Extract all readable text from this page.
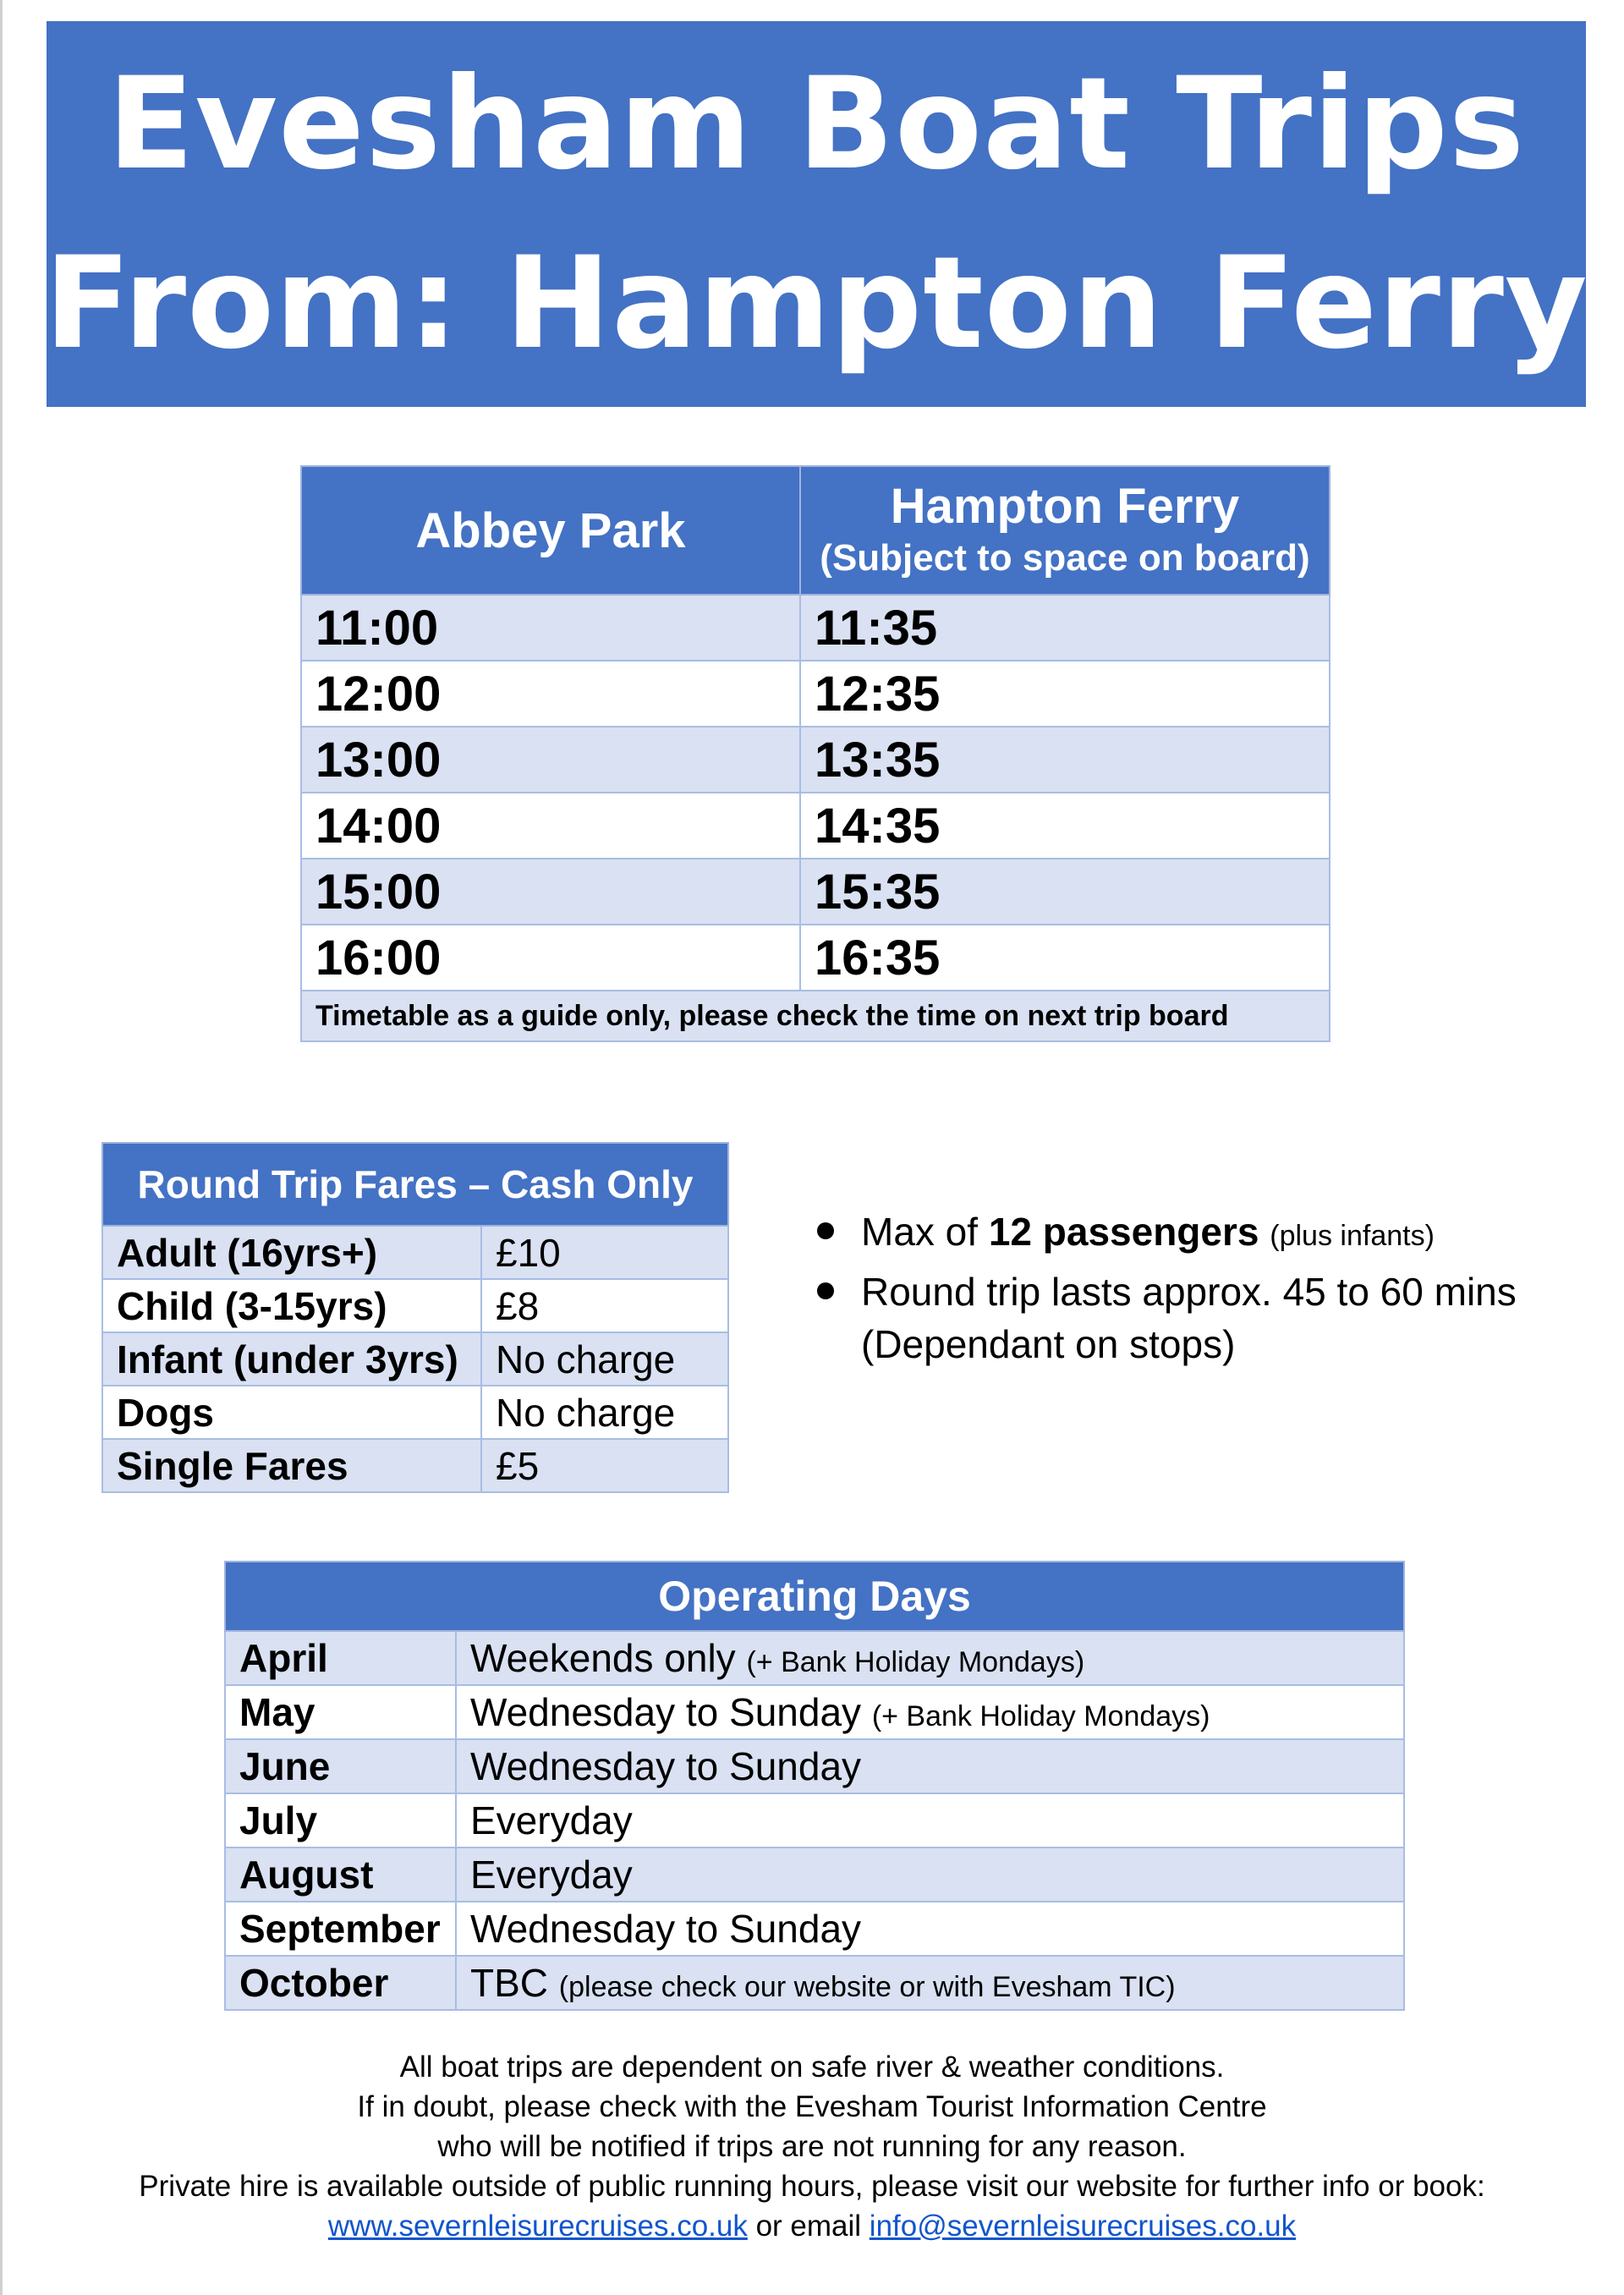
Evesham Boat Trips
From: Hampton Ferry
Abbey Park	Hampton Ferry
(Subject to space on board)

11:00	11:35
12:00	12:35
13:00	13:35
14:00	14:35
15:00	15:35
16:00	16:35
Timetable as a guide only, please check the time on next trip board	
Round Trip Fares – Cash Only	
Adult (16yrs+)	£10
Child (3-15yrs)	£8
Infant (under 3yrs)	No charge
Dogs	No charge
Single Fares	£5
Max of 12 passengers (plus infants)
Round trip lasts approx. 45 to 60 mins
(Dependant on stops)
Operating Days	
April	Weekends only (+ Bank Holiday Mondays)
May	Wednesday to Sunday (+ Bank Holiday Mondays)
June	Wednesday to Sunday
July	Everyday
August	Everyday
September	Wednesday to Sunday
October	TBC (please check our website or with Evesham TIC)
All boat trips are dependent on safe river & weather conditions.
If in doubt, please check with the Evesham Tourist Information Centre
who will be notified if trips are not running for any reason.
Private hire is available outside of public running hours, please visit our website for further info or book:
www.severnleisurecruises.co.uk or email info@severnleisurecruises.co.uk
